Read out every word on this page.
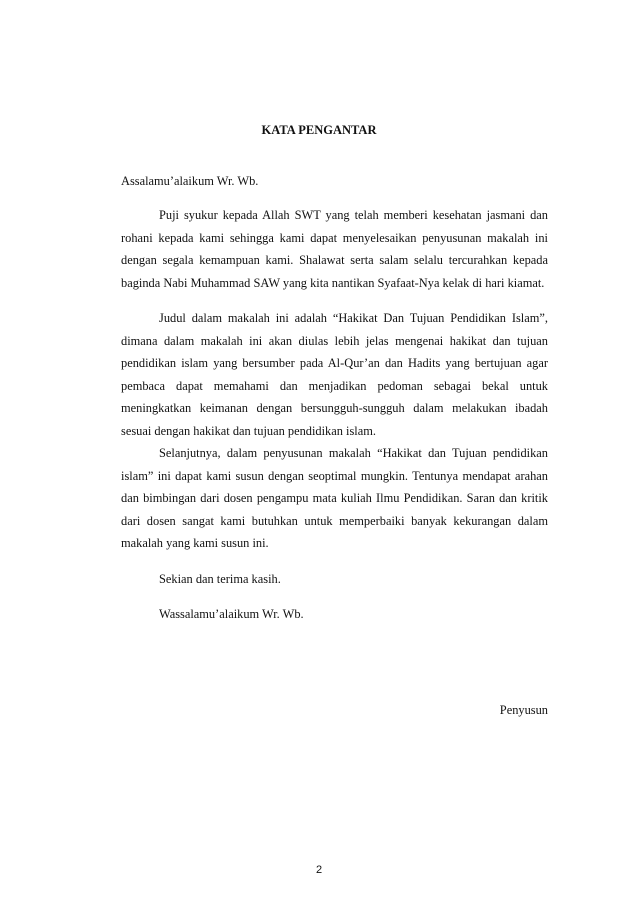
KATA PENGANTAR

Assalamu’alaikum Wr. Wb.

Puji syukur kepada Allah SWT yang telah memberi kesehatan jasmani dan rohani kepada kami sehingga kami dapat menyelesaikan penyusunan makalah ini dengan segala kemampuan kami. Shalawat serta salam selalu tercurahkan kepada baginda Nabi Muhammad SAW yang kita nantikan Syafaat-Nya kelak di hari kiamat.

Judul dalam makalah ini adalah “Hakikat Dan Tujuan Pendidikan Islam”, dimana dalam makalah ini akan diulas lebih jelas mengenai hakikat dan tujuan pendidikan islam yang bersumber pada Al-Qur’an dan Hadits yang bertujuan agar pembaca dapat memahami dan menjadikan pedoman sebagai bekal untuk meningkatkan keimanan dengan bersungguh-sungguh dalam melakukan ibadah sesuai dengan hakikat dan tujuan pendidikan islam.

Selanjutnya, dalam penyusunan makalah “Hakikat dan Tujuan pendidikan islam” ini dapat kami susun dengan seoptimal mungkin. Tentunya mendapat arahan dan bimbingan dari dosen pengampu mata kuliah Ilmu Pendidikan. Saran dan kritik dari dosen sangat kami butuhkan untuk memperbaiki banyak kekurangan dalam makalah yang kami susun ini.

Sekian dan terima kasih.

Wassalamu’alaikum Wr. Wb.

Penyusun
2
